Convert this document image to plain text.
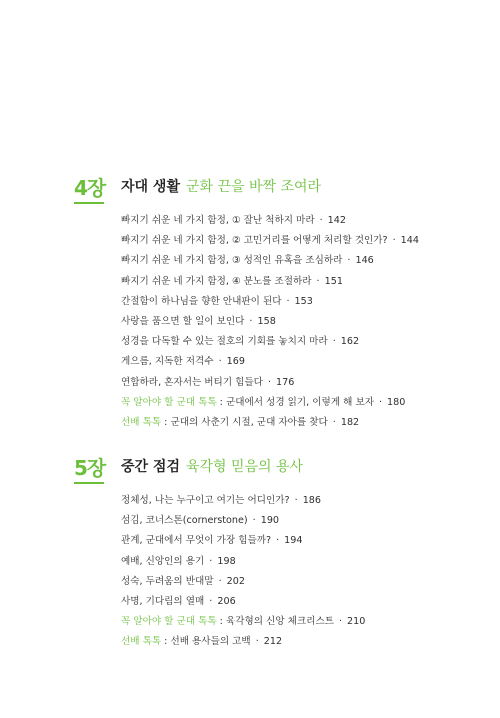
4장 자대 생활 군화 끈을 바짝 조여라
빠지기 쉬운 네 가지 함정, ① 잘난 척하지 마라 · 142
빠지기 쉬운 네 가지 함정, ② 고민거리를 어떻게 처리할 것인가? · 144
빠지기 쉬운 네 가지 함정, ③ 성적인 유혹을 조심하라 · 146
빠지기 쉬운 네 가지 함정, ④ 분노를 조절하라 · 151
간절함이 하나님을 향한 안내판이 된다 · 153
사랑을 품으면 할 일이 보인다 · 158
성경을 다독할 수 있는 절호의 기회를 놓치지 마라 · 162
게으름, 지독한 저격수 · 169
연합하라, 혼자서는 버티기 힘들다 · 176
꼭 알아야 할 군대 톡톡 : 군대에서 성경 읽기, 이렇게 해 보자 · 180
선배 톡톡 : 군대의 사춘기 시절, 군대 자아를 찾다 · 182
5장 중간 점검 육각형 믿음의 용사
정체성, 나는 누구이고 여기는 어디인가? · 186
섬김, 코너스톤(cornerstone) · 190
관계, 군대에서 무엇이 가장 힘들까? · 194
예배, 신앙인의 용기 · 198
성숙, 두려움의 반대말 · 202
사명, 기다림의 열매 · 206
꼭 알아야 할 군대 톡톡 : 육각형의 신앙 체크리스트 · 210
선배 톡톡 : 선배 용사들의 고백 · 212
